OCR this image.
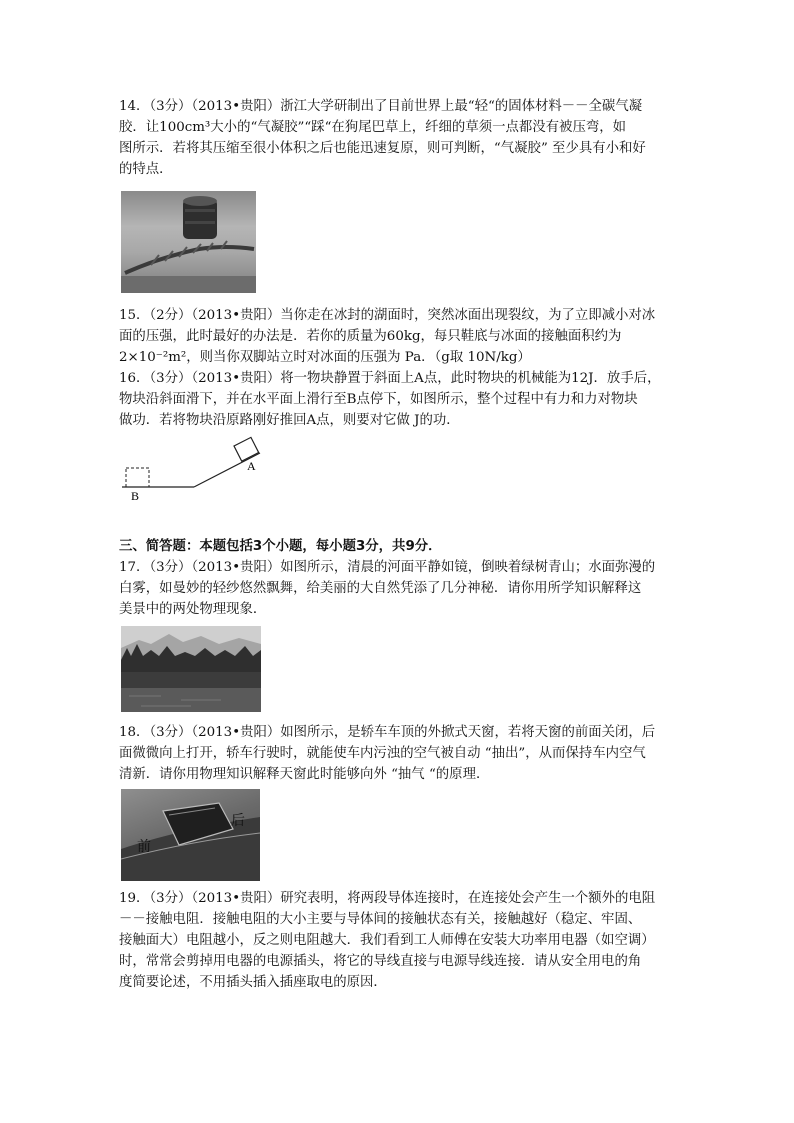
14．（3分）（2013•贵阳）浙江大学研制出了目前世界上最“轻“的固体材料－－全碳气凝
胶．让100cm³大小的“气凝胶”“踩“在狗尾巴草上，纤细的草须一点都没有被压弯，如
图所示．若将其压缩至很小体积之后也能迅速复原，则可判断，“气凝胶” 至少具有小和好
的特点．
15．（2分）（2013•贵阳）当你走在冰封的湖面时，突然冰面出现裂纹，为了立即减小对冰
面的压强，此时最好的办法是．若你的质量为60kg，每只鞋底与冰面的接触面积约为
2×10⁻²m²，则当你双脚站立时对冰面的压强为 Pa．（g取 10N/kg）
16．（3分）（2013•贵阳）将一物块静置于斜面上A点，此时物块的机械能为12J．放手后，
物块沿斜面滑下，并在水平面上滑行至B点停下，如图所示，整个过程中有力和力对物块
做功．若将物块沿原路刚好推回A点，则要对它做 J的功．
A
B
三、简答题：本题包括3个小题，每小题3分，共9分．
17．（3分）（2013•贵阳）如图所示，清晨的河面平静如镜，倒映着绿树青山；水面弥漫的
白雾，如曼妙的轻纱悠然飘舞，给美丽的大自然凭添了几分神秘．请你用所学知识解释这
美景中的两处物理现象．
18．（3分）（2013•贵阳）如图所示，是轿车车顶的外掀式天窗，若将天窗的前面关闭，后
面微微向上打开，轿车行驶时，就能使车内污浊的空气被自动 “抽出”，从而保持车内空气
清新．请你用物理知识解释天窗此时能够向外 “抽气 “的原理．
前
后
19．（3分）（2013•贵阳）研究表明，将两段导体连接时，在连接处会产生一个额外的电阻
－－接触电阻．接触电阻的大小主要与导体间的接触状态有关，接触越好（稳定、牢固、
接触面大）电阻越小，反之则电阻越大．我们看到工人师傅在安装大功率用电器（如空调）
时，常常会剪掉用电器的电源插头，将它的导线直接与电源导线连接．请从安全用电的角
度简要论述，不用插头插入插座取电的原因．
